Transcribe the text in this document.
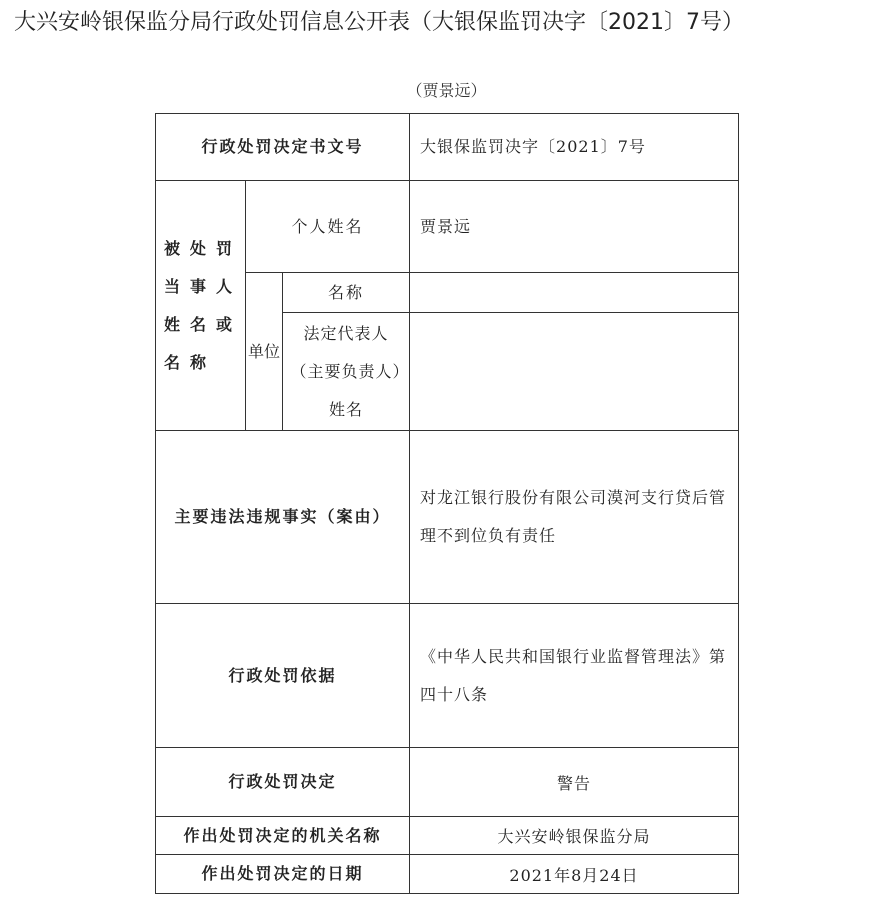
大兴安岭银保监分局行政处罚信息公开表（大银保监罚决字〔2021〕7号）
（贾景远）
行政处罚决定书文号			大银保监罚决字〔2021〕7号
被处罚当事人姓名或名称	个人姓名		贾景远
	单位	名称	
		法定代表人（主要负责人）姓名	
主要违法违规事实（案由）			对龙江银行股份有限公司漠河支行贷后管理不到位负有责任
行政处罚依据			《中华人民共和国银行业监督管理法》第四十八条
行政处罚决定			警告
作出处罚决定的机关名称			大兴安岭银保监分局
作出处罚决定的日期			2021年8月24日
